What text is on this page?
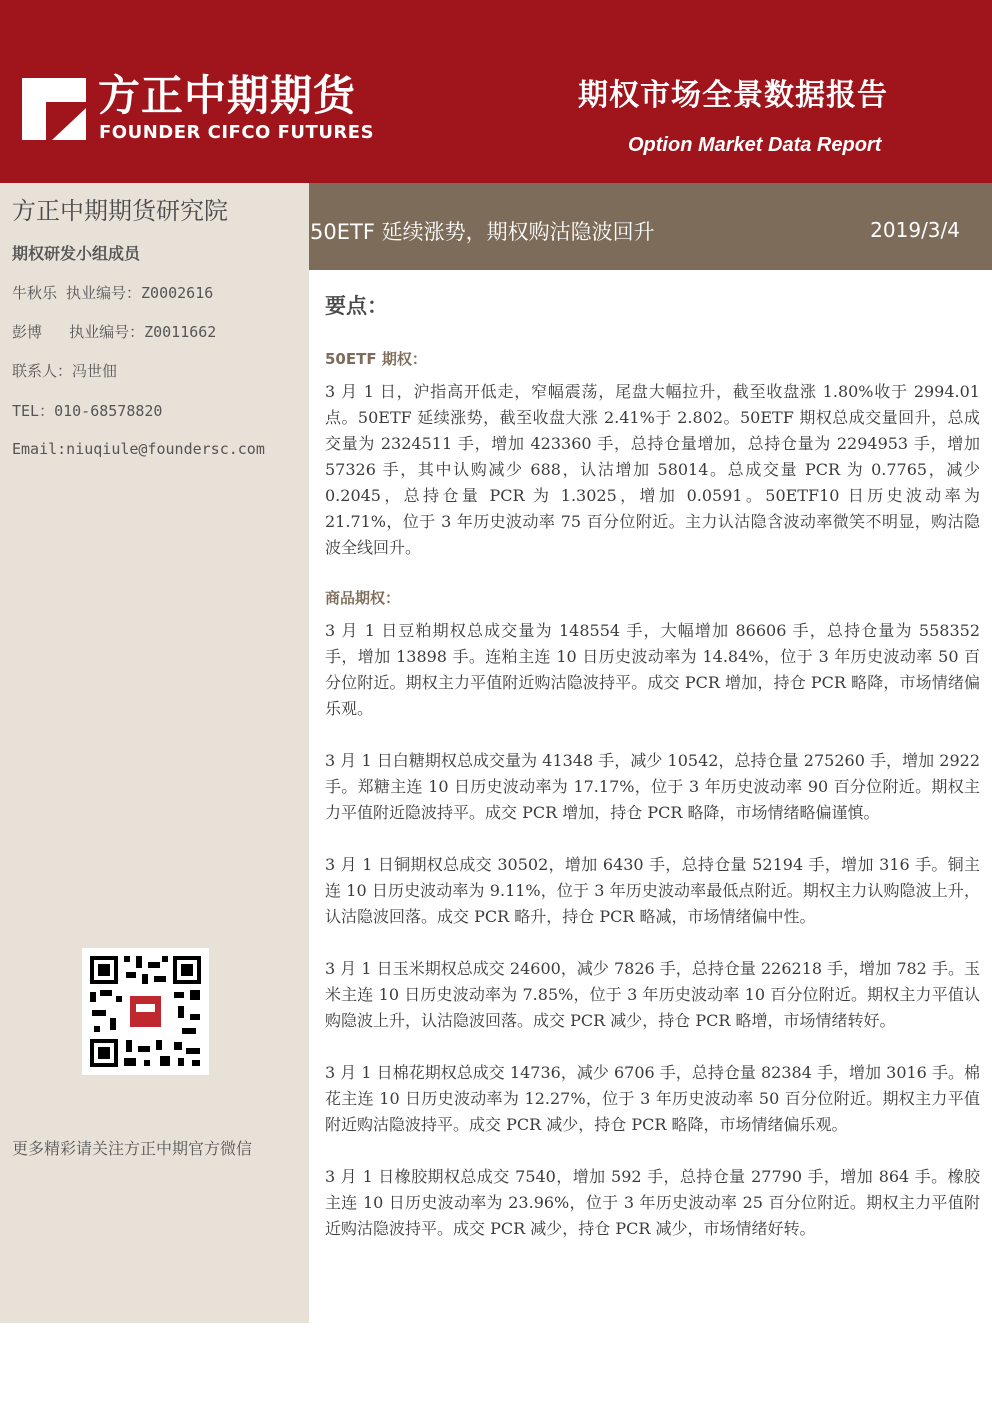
方正中期期货
FOUNDER CIFCO FUTURES
期权市场全景数据报告
Option Market Data Report
方正中期期货研究院
期权研发小组成员
牛秋乐 执业编号：Z0002616
彭博   执业编号：Z0011662
联系人：冯世佃
TEL：010-68578820
Email:niuqiule@foundersc.com
更多精彩请关注方正中期官方微信
50ETF 延续涨势，期权购沽隐波回升	2019/3/4
要点：
50ETF 期权：

3 月 1 日，沪指高开低走，窄幅震荡，尾盘大幅拉升，截至收盘涨 1.80%收于 2994.01 点。50ETF 延续涨势，截至收盘大涨 2.41%于 2.802。50ETF 期权总成交量回升，总成交量为 2324511 手，增加 423360 手，总持仓量增加，总持仓量为 2294953 手，增加 57326 手，其中认购减少 688，认沽增加 58014。总成交量 PCR 为 0.7765，减少 0.2045，总持仓量 PCR 为 1.3025，增加 0.0591。50ETF10 日历史波动率为 21.71%，位于 3 年历史波动率 75 百分位附近。主力认沽隐含波动率微笑不明显，购沽隐波全线回升。

商品期权：

3 月 1 日豆粕期权总成交量为 148554 手，大幅增加 86606 手，总持仓量为 558352 手，增加 13898 手。连粕主连 10 日历史波动率为 14.84%，位于 3 年历史波动率 50 百分位附近。期权主力平值附近购沽隐波持平。成交 PCR 增加，持仓 PCR 略降，市场情绪偏乐观。

3 月 1 日白糖期权总成交量为 41348 手，减少 10542，总持仓量 275260 手，增加 2922 手。郑糖主连 10 日历史波动率为 17.17%，位于 3 年历史波动率 90 百分位附近。期权主力平值附近隐波持平。成交 PCR 增加，持仓 PCR 略降，市场情绪略偏谨慎。

3 月 1 日铜期权总成交 30502，增加 6430 手，总持仓量 52194 手，增加 316 手。铜主连 10 日历史波动率为 9.11%，位于 3 年历史波动率最低点附近。期权主力认购隐波上升，认沽隐波回落。成交 PCR 略升，持仓 PCR 略减，市场情绪偏中性。

3 月 1 日玉米期权总成交 24600，减少 7826 手，总持仓量 226218 手，增加 782 手。玉米主连 10 日历史波动率为 7.85%，位于 3 年历史波动率 10 百分位附近。期权主力平值认购隐波上升，认沽隐波回落。成交 PCR 减少，持仓 PCR 略增，市场情绪转好。

3 月 1 日棉花期权总成交 14736，减少 6706 手，总持仓量 82384 手，增加 3016 手。棉花主连 10 日历史波动率为 12.27%，位于 3 年历史波动率 50 百分位附近。期权主力平值附近购沽隐波持平。成交 PCR 减少，持仓 PCR 略降，市场情绪偏乐观。

3 月 1 日橡胶期权总成交 7540，增加 592 手，总持仓量 27790 手，增加 864 手。橡胶主连 10 日历史波动率为 23.96%，位于 3 年历史波动率 25 百分位附近。期权主力平值附近购沽隐波持平。成交 PCR 减少，持仓 PCR 减少，市场情绪好转。
